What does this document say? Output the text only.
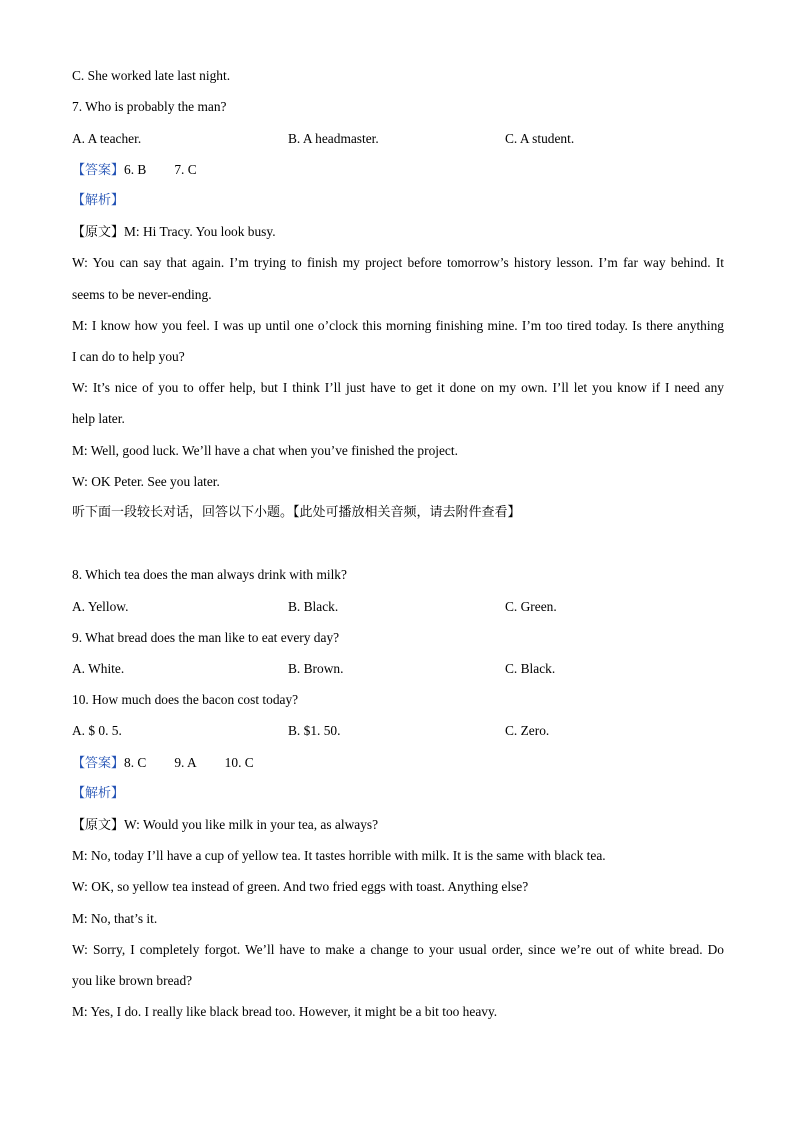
C. She worked late last night.
7. Who is probably the man?
A. A teacher.	B. A headmaster.	C. A student.
【答案】6. B 7. C
【解析】
【原文】M: Hi Tracy. You look busy.
W: You can say that again. I’m trying to finish my project before tomorrow’s history lesson. I’m far way behind. It
seems to be never-ending.
M: I know how you feel. I was up until one o’clock this morning finishing mine. I’m too tired today. Is there anything
I can do to help you?
W: It’s nice of you to offer help, but I think I’ll just have to get it done on my own. I’ll let you know if I need any
help later.
M: Well, good luck. We’ll have a chat when you’ve finished the project.
W: OK Peter. See you later.
听下面一段较长对话，回答以下小题。【此处可播放相关音频，请去附件查看】
8. Which tea does the man always drink with milk?
A. Yellow.	B. Black.	C. Green.
9. What bread does the man like to eat every day?
A. White.	B. Brown.	C. Black.
10. How much does the bacon cost today?
A. $ 0. 5.	B. $1. 50.	C. Zero.
【答案】8. C 9. A 10. C
【解析】
【原文】W: Would you like milk in your tea, as always?
M: No, today I’ll have a cup of yellow tea. It tastes horrible with milk. It is the same with black tea.
W: OK, so yellow tea instead of green. And two fried eggs with toast. Anything else?
M: No, that’s it.
W: Sorry, I completely forgot. We’ll have to make a change to your usual order, since we’re out of white bread. Do
you like brown bread?
M: Yes, I do. I really like black bread too. However, it might be a bit too heavy.
